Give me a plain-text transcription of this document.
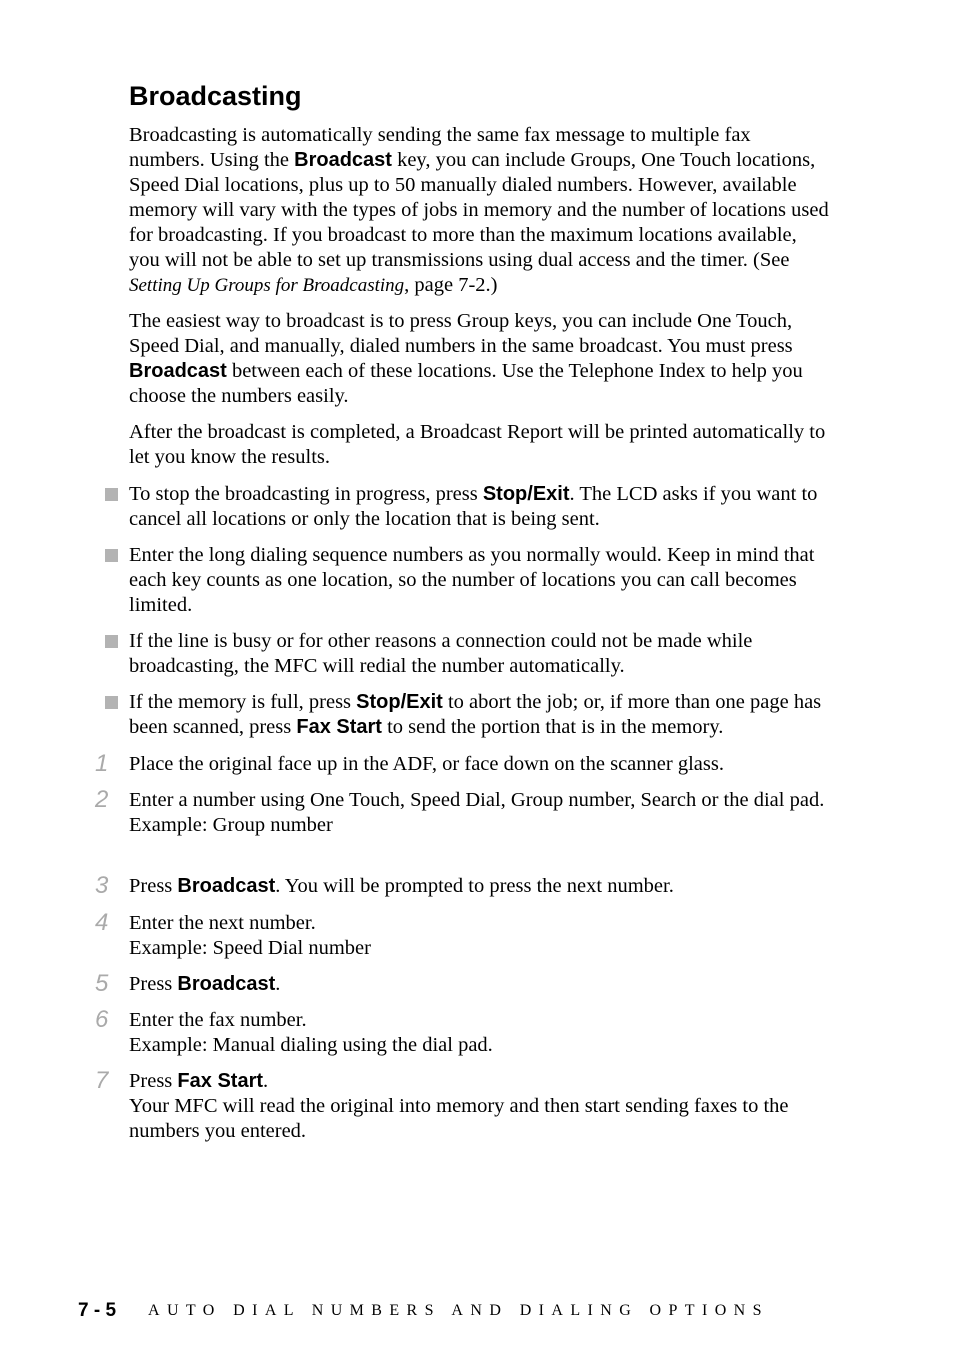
Broadcasting

Broadcasting is automatically sending the same fax message to multiple fax numbers. Using the Broadcast key, you can include Groups, One Touch locations, Speed Dial locations, plus up to 50 manually dialed numbers. However, available memory will vary with the types of jobs in memory and the number of locations used for broadcasting. If you broadcast to more than the maximum locations available, you will not be able to set up transmissions using dual access and the timer. (See Setting Up Groups for Broadcasting, page 7-2.)

The easiest way to broadcast is to press Group keys, you can include One Touch, Speed Dial, and manually, dialed numbers in the same broadcast. You must press Broadcast between each of these locations. Use the Telephone Index to help you choose the numbers easily.

After the broadcast is completed, a Broadcast Report will be printed automatically to let you know the results.

To stop the broadcasting in progress, press Stop/Exit. The LCD asks if you want to cancel all locations or only the location that is being sent.

Enter the long dialing sequence numbers as you normally would. Keep in mind that each key counts as one location, so the number of locations you can call becomes limited.

If the line is busy or for other reasons a connection could not be made while broadcasting, the MFC will redial the number automatically.

If the memory is full, press Stop/Exit to abort the job; or, if more than one page has been scanned, press Fax Start to send the portion that is in the memory.

1	Place the original face up in the ADF, or face down on the scanner glass.
2	Enter a number using One Touch, Speed Dial, Group number, Search or the dial pad.
Example: Group number
3	Press Broadcast. You will be prompted to press the next number.
4	Enter the next number.
Example: Speed Dial number
5	Press Broadcast.
6	Enter the fax number.
Example: Manual dialing using the dial pad.
7	Press Fax Start.
Your MFC will read the original into memory and then start sending faxes to the numbers you entered.
7 - 5 AUTO DIAL NUMBERS AND DIALING OPTIONS
